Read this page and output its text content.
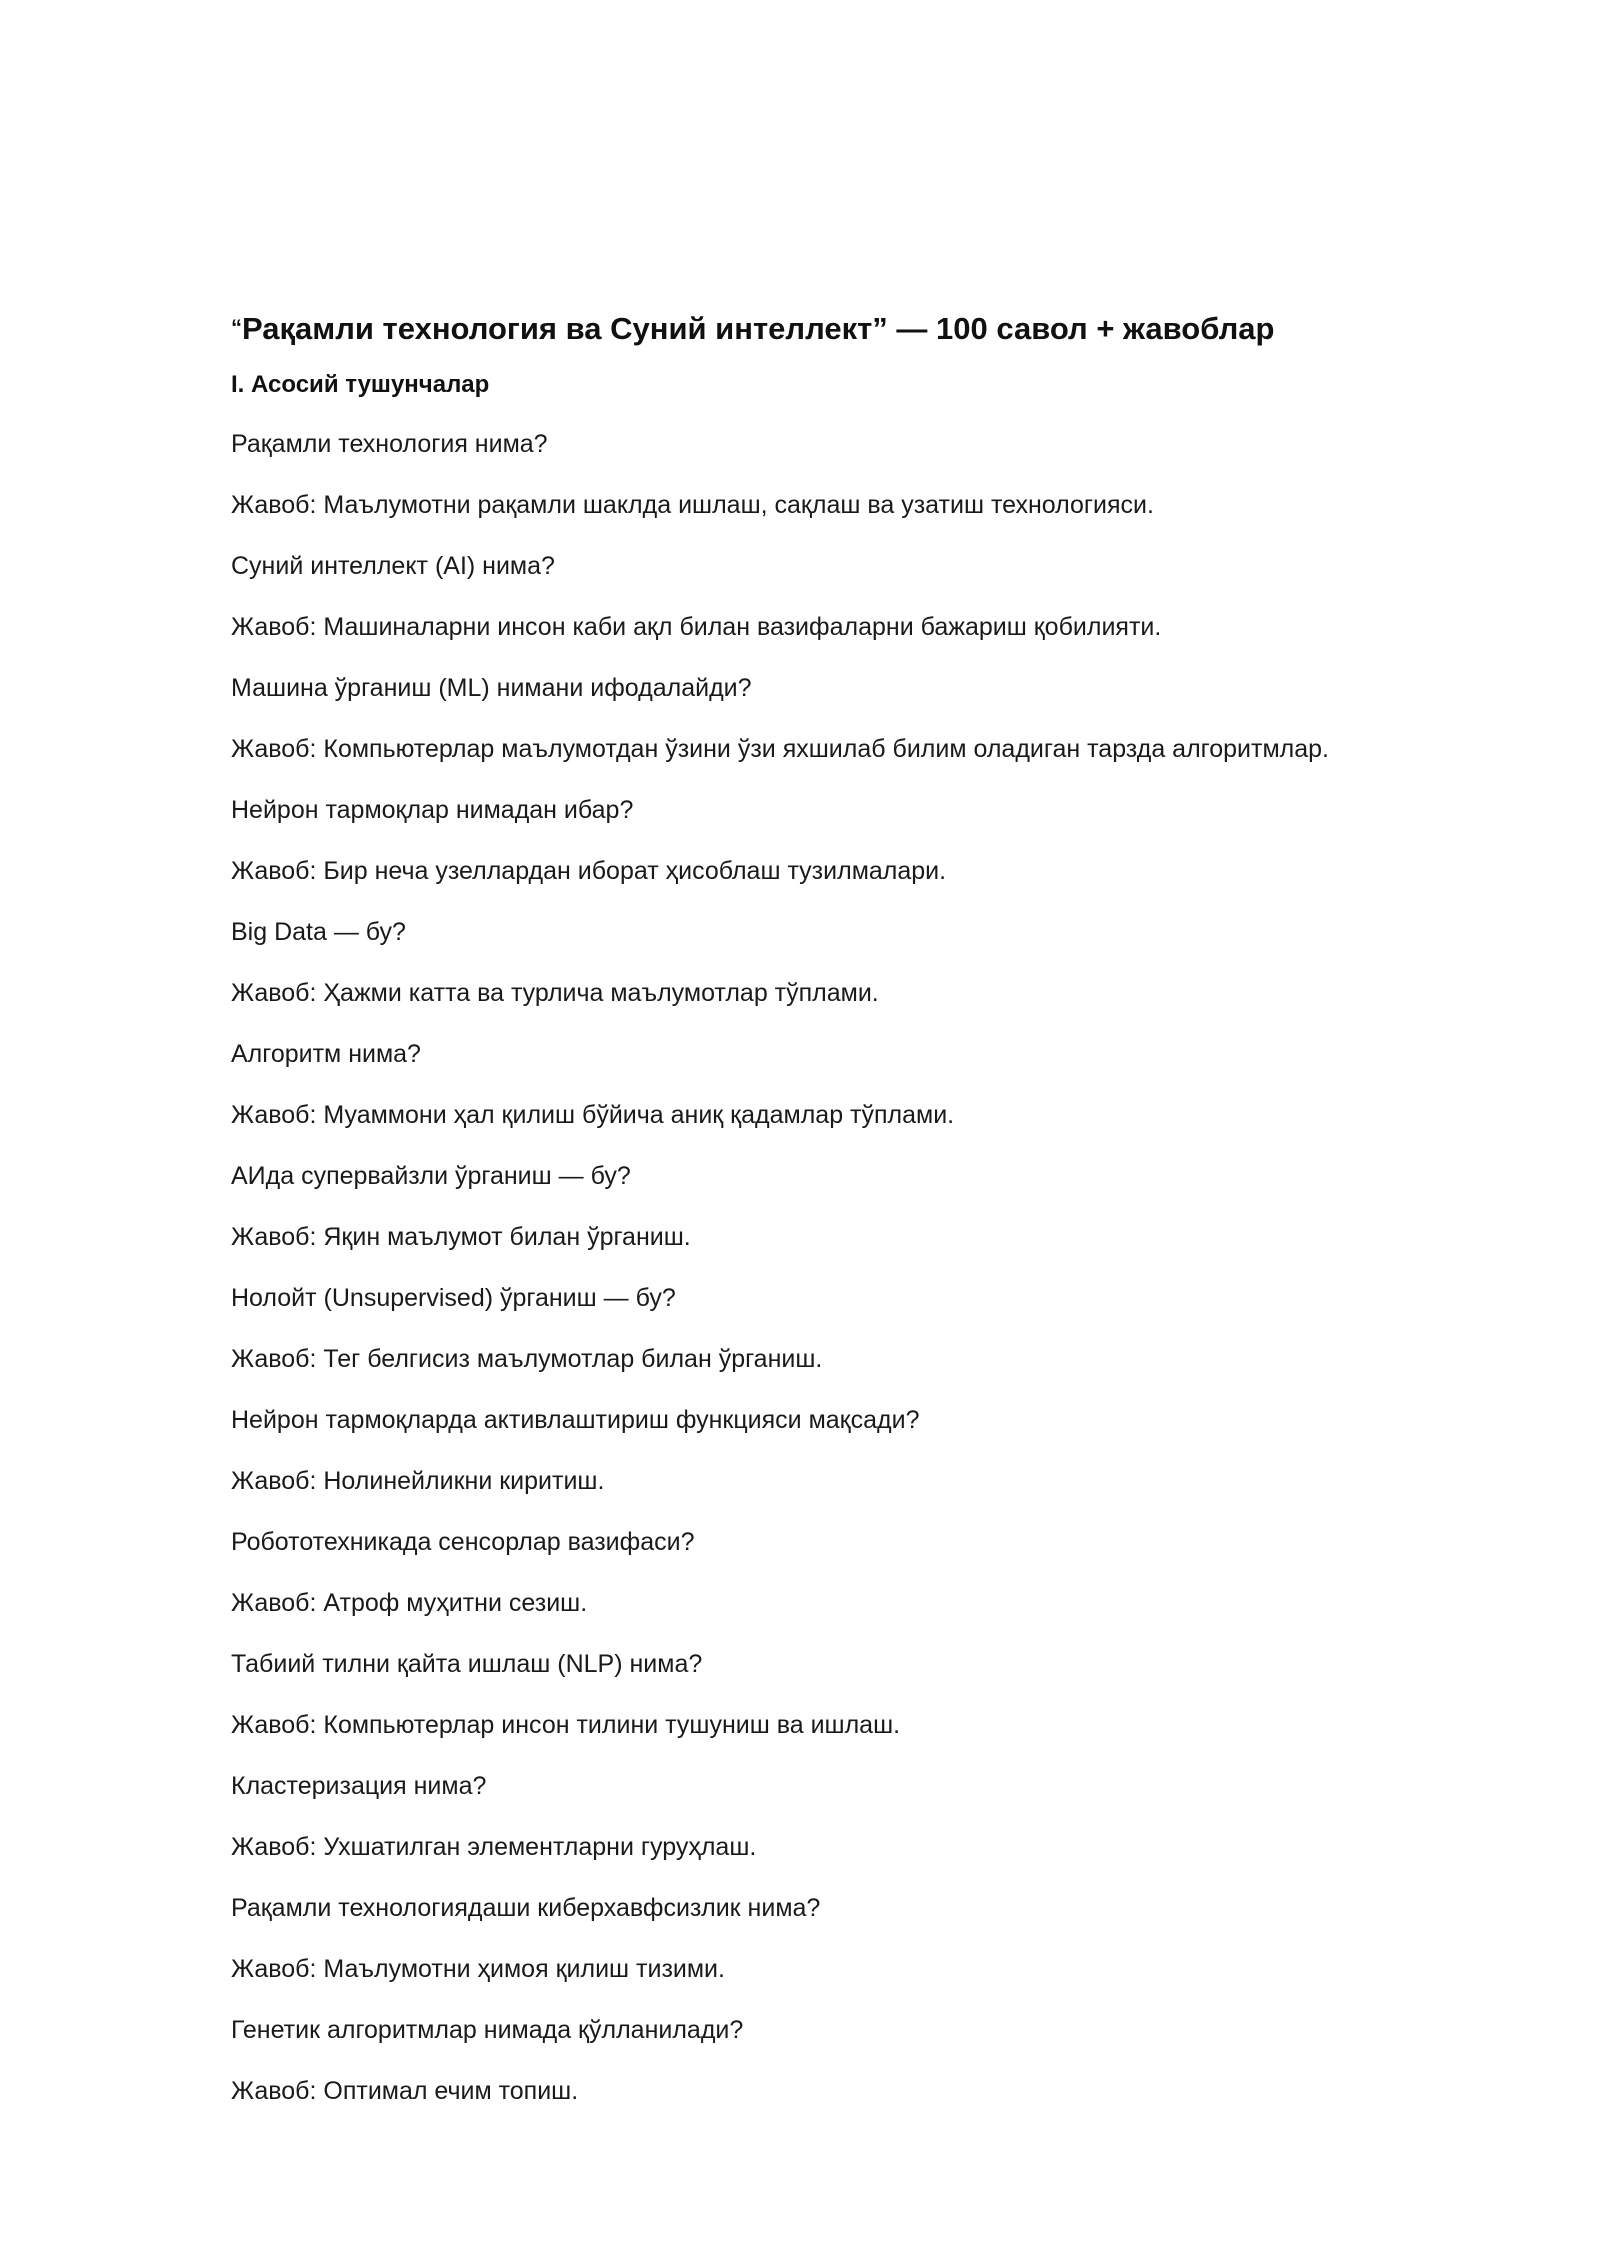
“Рақамли технология ва Суний интеллект” — 100 савол + жавоблар
I. Асосий тушунчалар
Рақамли технология нима?
Жавоб: Маълумотни рақамли шаклда ишлаш, сақлаш ва узатиш технологияси.
Суний интеллект (AI) нима?
Жавоб: Машиналарни инсон каби ақл билан вазифаларни бажариш қобилияти.
Машина ўрганиш (ML) нимани ифодалайди?
Жавоб: Компьютерлар маълумотдан ўзини ўзи яхшилаб билим оладиган тарзда алгоритмлар.
Нейрон тармоқлар нимадан ибар?
Жавоб: Бир неча узеллардан иборат ҳисоблаш тузилмалари.
Big Data — бу?
Жавоб: Ҳажми катта ва турлича маълумотлар тўплами.
Алгоритм нима?
Жавоб: Муаммони ҳал қилиш бўйича аниқ қадамлар тўплами.
АИда супервайзли ўрганиш — бу?
Жавоб: Яқин маълумот билан ўрганиш.
Нолойт (Unsupervised) ўрганиш — бу?
Жавоб: Тег белгисиз маълумотлар билан ўрганиш.
Нейрон тармоқларда активлаштириш функцияси мақсади?
Жавоб: Нолинейликни киритиш.
Робототехникада сенсорлар вазифаси?
Жавоб: Атроф муҳитни сезиш.
Табиий тилни қайта ишлаш (NLP) нима?
Жавоб: Компьютерлар инсон тилини тушуниш ва ишлаш.
Кластеризация нима?
Жавоб: Ухшатилган элементларни гуруҳлаш.
Рақамли технологиядаши киберхавфсизлик нима?
Жавоб: Маълумотни ҳимоя қилиш тизими.
Генетик алгоритмлар нимада қўлланилади?
Жавоб: Оптимал ечим топиш.
